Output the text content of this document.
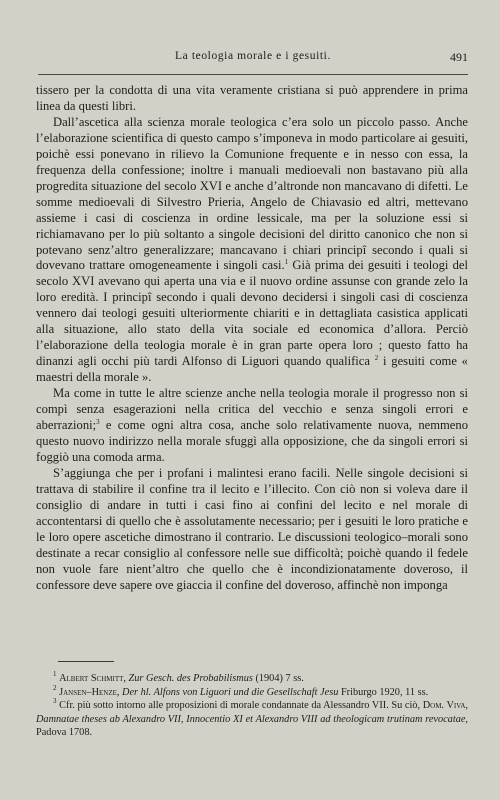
La teologia morale e i gesuiti.	491

tissero per la condotta di una vita veramente cristiana si può apprendere in prima linea da questi libri.

Dall’ascetica alla scienza morale teologica c’era solo un piccolo passo. Anche l’elaborazione scientifica di questo campo s’imponeva in modo particolare ai gesuiti, poichè essi ponevano in rilievo la Comunione frequente e in nesso con essa, la frequenza della confessione; inoltre i manuali medioevali non bastavano più alla progredita situazione del secolo XVI e anche d’altronde non mancavano di difetti. Le somme medioevali di Silvestro Prieria, Angelo de Chiavasio ed altri, mettevano assieme i casi di coscienza in ordine lessicale, ma per la soluzione essi si richiamavano per lo più soltanto a singole decisioni del diritto canonico che non si potevano senz’altro generalizzare; mancavano i chiari principî secondo i quali si dovevano trattare omogeneamente i singoli casi.$^1$ Già prima dei gesuiti i teologi del secolo XVI avevano qui aperta una via e il nuovo ordine assunse con grande zelo la loro eredità. I principî secondo i quali devono decidersi i singoli casi di coscienza vennero dai teologi gesuiti ulteriormente chiariti e in dettagliata casistica applicati alla situazione, allo stato della vita sociale ed economica d’allora. Perciò l’elaborazione della teologia morale è in gran parte opera loro ; questo fatto ha dinanzi agli occhi più tardi Alfonso di Liguori quando qualifica $^2$ i gesuiti come « maestri della morale ».

Ma come in tutte le altre scienze anche nella teologia morale il progresso non si compì senza esagerazioni nella critica del vecchio e senza singoli errori e aberrazioni;$^3$ e come ogni altra cosa, anche solo relativamente nuova, nemmeno questo nuovo indirizzo nella morale sfuggì alla opposizione, che da singoli errori si foggiò una comoda arma.

S’aggiunga che per i profani i malintesi erano facili. Nelle singole decisioni si trattava di stabilire il confine tra il lecito e l’illecito. Con ciò non si voleva dare il consiglio di andare in tutti i casi fino ai confini del lecito e nel morale di accontentarsi di quello che è assolutamente necessario; per i gesuiti le loro pratiche e le loro opere ascetiche dimostrano il contrario. Le discussioni teologico–morali sono destinate a recar consiglio al confessore nelle sue difficoltà; poichè quando il fedele non vuole fare nient’altro che quello che è incondizionatamente doveroso, il confessore deve sapere ove giaccia il confine del doveroso, affinchè non imponga

$^1$ Albert Schmitt, Zur Gesch. des Probabilismus (1904) 7 ss.

$^2$ Jansen–Henze, Der hl. Alfons von Liguori und die Gesellschaft Jesu Friburgo 1920, 11 ss.

$^3$ Cfr. più sotto intorno alle proposizioni di morale condannate da Alessandro VII. Su ciò, Dom. Viva, Damnatae theses ab Alexandro VII, Innocentio XI et Alexandro VIII ad theologicam trutinam revocatae, Padova 1708.
